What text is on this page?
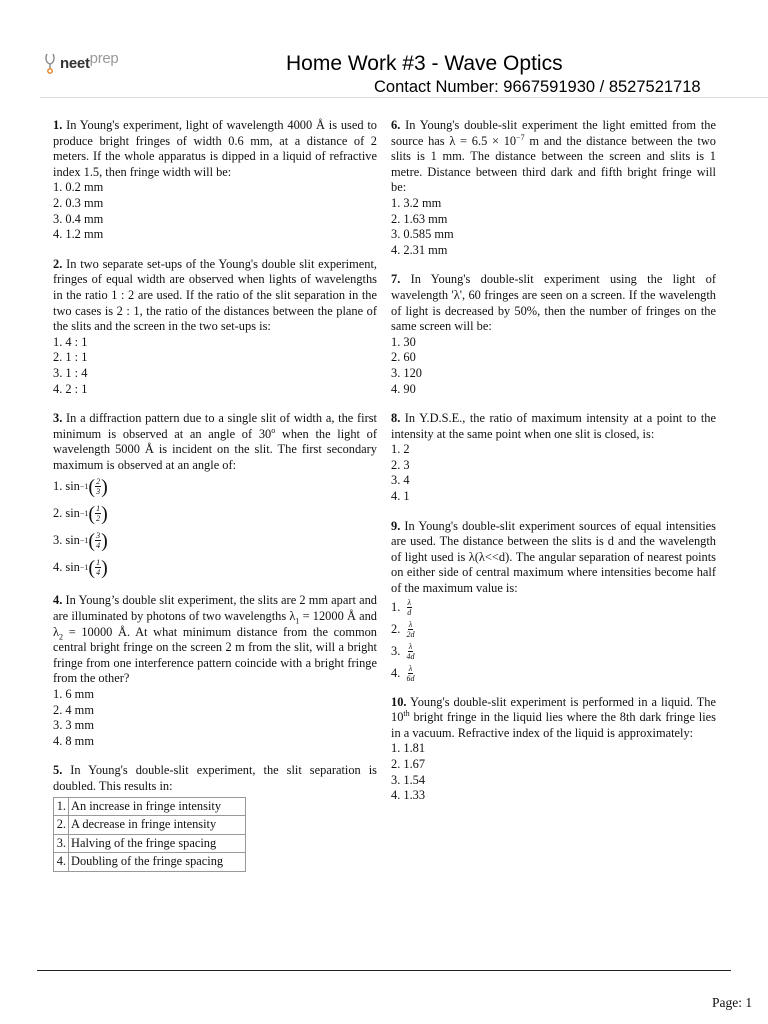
neet prep	Home Work #3 - Wave Optics
Contact Number: 9667591930 / 8527521718

1. In Young's experiment, light of wavelength 4000 Å is used to produce bright fringes of width 0.6 mm, at a distance of 2 meters. If the whole apparatus is dipped in a liquid of refractive index 1.5, then fringe width will be:

1. 0.2 mm
2. 0.3 mm
3. 0.4 mm
4. 1.2 mm

2. In two separate set-ups of the Young's double slit experiment, fringes of equal width are observed when lights of wavelengths in the ratio 1 : 2 are used. If the ratio of the slit separation in the two cases is 2 : 1, the ratio of the distances between the plane of the slits and the screen in the two set-ups is:

1. 4 : 1
2. 1 : 1
3. 1 : 4
4. 2 : 1

3. In a diffraction pattern due to a single slit of width a, the first minimum is observed at an angle of 30$^o$ when the light of wavelength 5000 Å is incident on the slit. The first secondary maximum is observed at an angle of:

1.
sin −1 ( $\frac{2}{3}$ )
2.
sin −1 ( $\frac{1}{2}$ )
3.
sin −1 ( $\frac{3}{4}$ )
4.
sin −1 ( $\frac{1}{4}$ )

4. In Young’s double slit experiment, the slits are 2 mm apart and are illuminated by photons of two wavelengths $\lambda_1 = 12000$ Å and $\lambda_2 = 10000$ Å. At what minimum distance from the common central bright fringe on the screen 2 m from the slit, will a bright fringe from one interference pattern coincide with a bright fringe from the other?

1. 6 mm
2. 4 mm
3. 3 mm
4. 8 mm

5. In Young's double-slit experiment, the slit separation is doubled. This results in:

1.	An increase in fringe intensity
2.	A decrease in fringe intensity
3.	Halving of the fringe spacing
4.	Doubling of the fringe spacing

6. In Young's double-slit experiment the light emitted from the source has $\lambda = 6.5 \times 10^{-7}$ m and the distance between the two slits is 1 mm. The distance between the screen and slits is 1 metre. Distance between third dark and fifth bright fringe will be:

1. 3.2 mm
2. 1.63 mm
3. 0.585 mm
4. 2.31 mm

7. In Young's double-slit experiment using the light of wavelength 'λ', 60 fringes are seen on a screen. If the wavelength of light is decreased by 50%, then the number of fringes on the same screen will be:

1. 30
2. 60
3. 120
4. 90

8. In Y.D.S.E., the ratio of maximum intensity at a point to the intensity at the same point when one slit is closed, is:

1. 2
2. 3
3. 4
4. 1

9. In Young's double-slit experiment sources of equal intensities are used. The distance between the slits is d and the wavelength of light used is λ(λ<<d). The angular separation of nearest points on either side of central maximum where intensities become half of the maximum value is:

1.
$\frac{\lambda}{d}$
2.
$\frac{\lambda}{2d}$
3.
$\frac{\lambda}{4d}$
4.
$\frac{\lambda}{6d}$

10. Young's double-slit experiment is performed in a liquid. The 10th bright fringe in the liquid lies where the 8th dark fringe lies in a vacuum. Refractive index of the liquid is approximately:

1. 1.81
2. 1.67
3. 1.54
4. 1.33
Page: 1
